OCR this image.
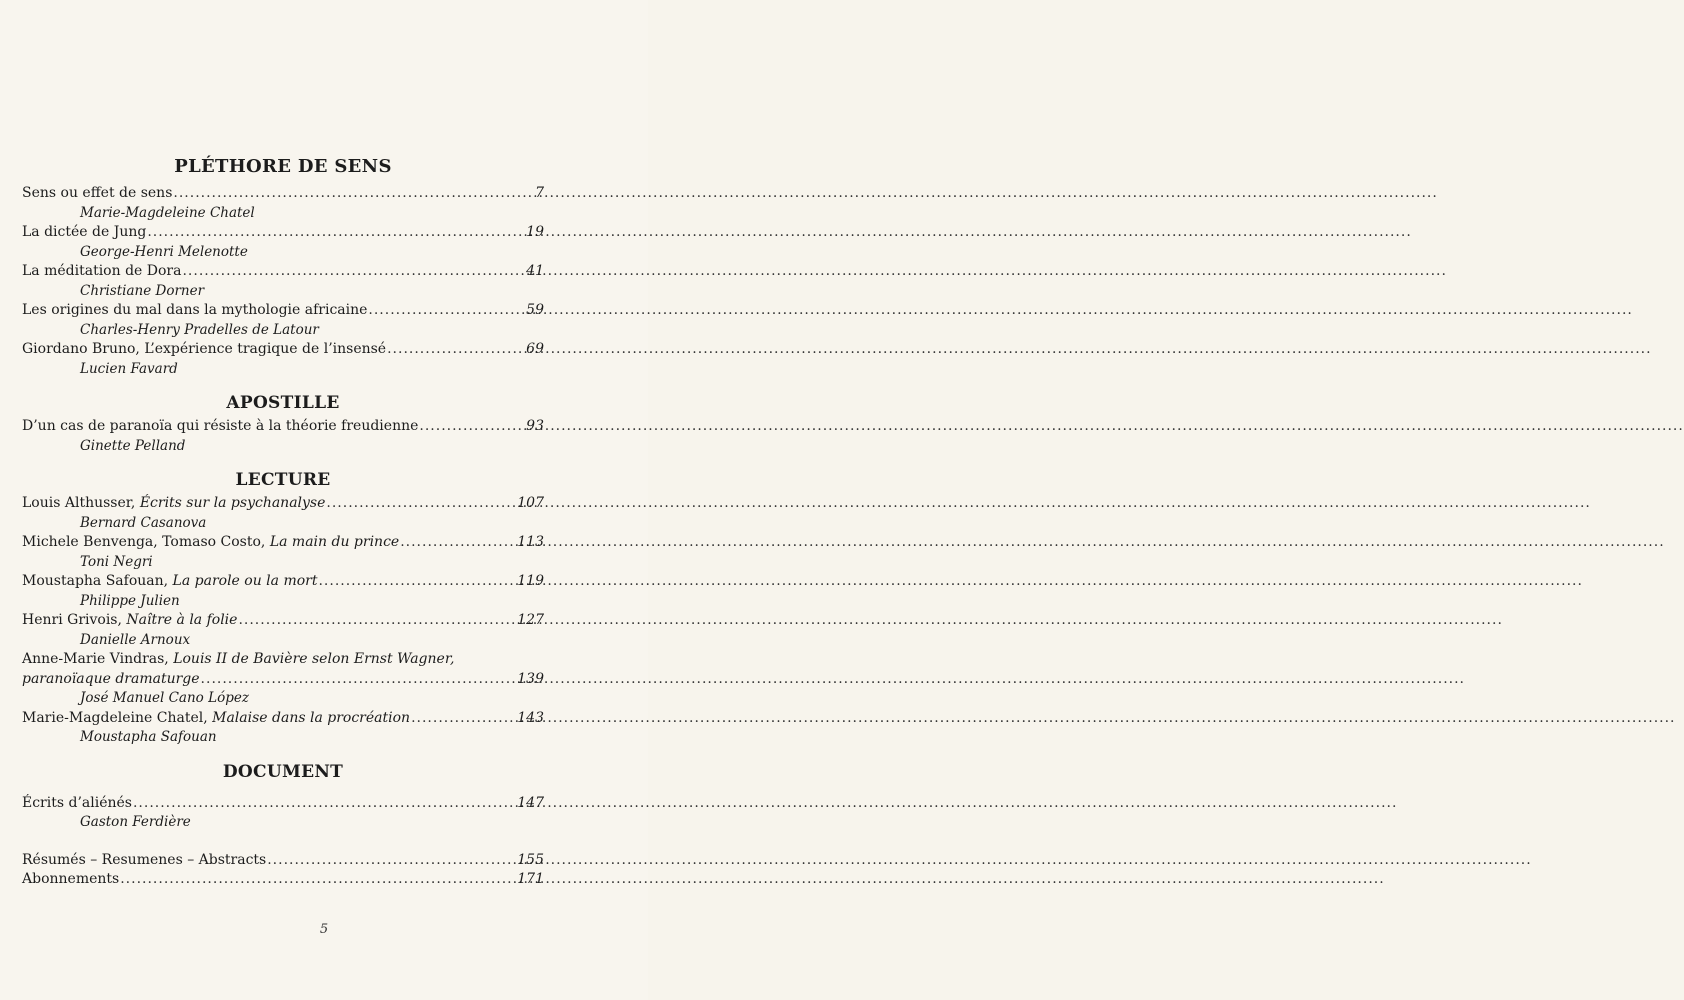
PLÉTHORE DE SENS
Sens ou effet de sens .....	7
Marie-Magdeleine Chatel
La dictée de Jung .....	19
George-Henri Melenotte
La méditation de Dora .....	41
Christiane Dorner
Les origines du mal dans la mythologie africaine .....	59
Charles-Henry Pradelles de Latour
Giordano Bruno, L’expérience tragique de l’insensé .....	69
Lucien Favard
APOSTILLE
D’un cas de paranoïa qui résiste à la théorie freudienne .....	93
Ginette Pelland
LECTURE
Louis Althusser, Écrits sur la psychanalyse .....	107
Bernard Casanova
Michele Benvenga, Tomaso Costo, La main du prince .....	113
Toni Negri
Moustapha Safouan, La parole ou la mort .....	119
Philippe Julien
Henri Grivois, Naître à la folie .....	127
Danielle Arnoux
Anne-Marie Vindras, Louis II de Bavière selon Ernst Wagner,
paranoïaque dramaturge .....	139
José Manuel Cano López
Marie-Magdeleine Chatel, Malaise dans la procréation .....	143
Moustapha Safouan
DOCUMENT
Écrits d’aliénés .....	147
Gaston Ferdière
Résumés – Resumenes – Abstracts .....	155
Abonnements .....	171
5
